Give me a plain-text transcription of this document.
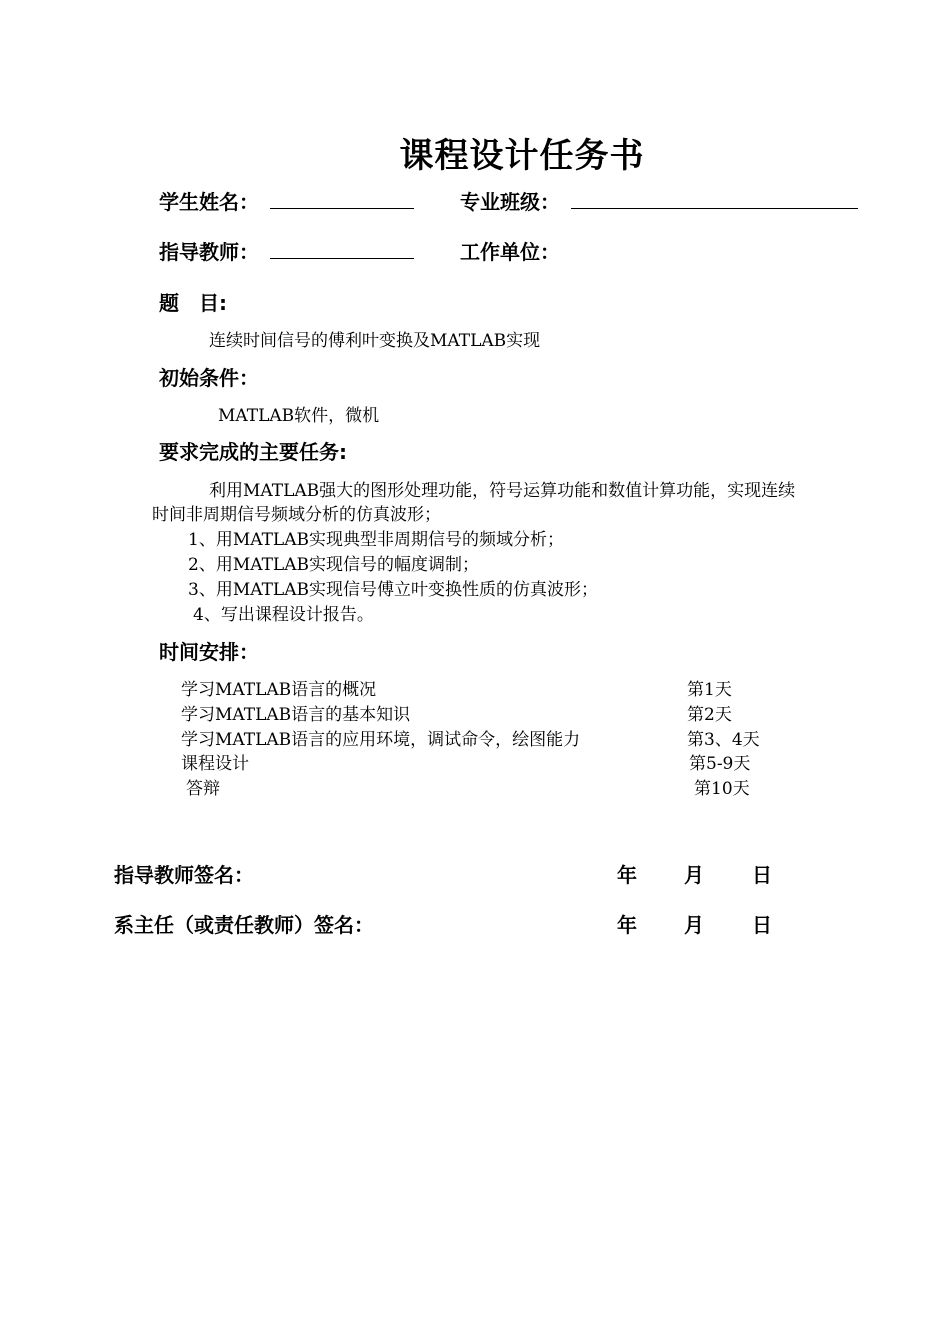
课程设计任务书
学生姓名：	专业班级：
指导教师：	工作单位：
题　目:
连续时间信号的傅利叶变换及MATLAB实现
初始条件：
MATLAB软件，微机
要求完成的主要任务:
利用MATLAB强大的图形处理功能，符号运算功能和数值计算功能，实现连续
时间非周期信号频域分析的仿真波形；
1、用MATLAB实现典型非周期信号的频域分析；
2、用MATLAB实现信号的幅度调制；
3、用MATLAB实现信号傅立叶变换性质的仿真波形；
4、写出课程设计报告。
时间安排：
学习MATLAB语言的概况	第1天
学习MATLAB语言的基本知识	第2天
学习MATLAB语言的应用环境，调试命令，绘图能力	第3、4天
课程设计	第5-9天
答辩	第10天
指导教师签名：	年 月 日
系主任（或责任教师）签名：	年 月 日
